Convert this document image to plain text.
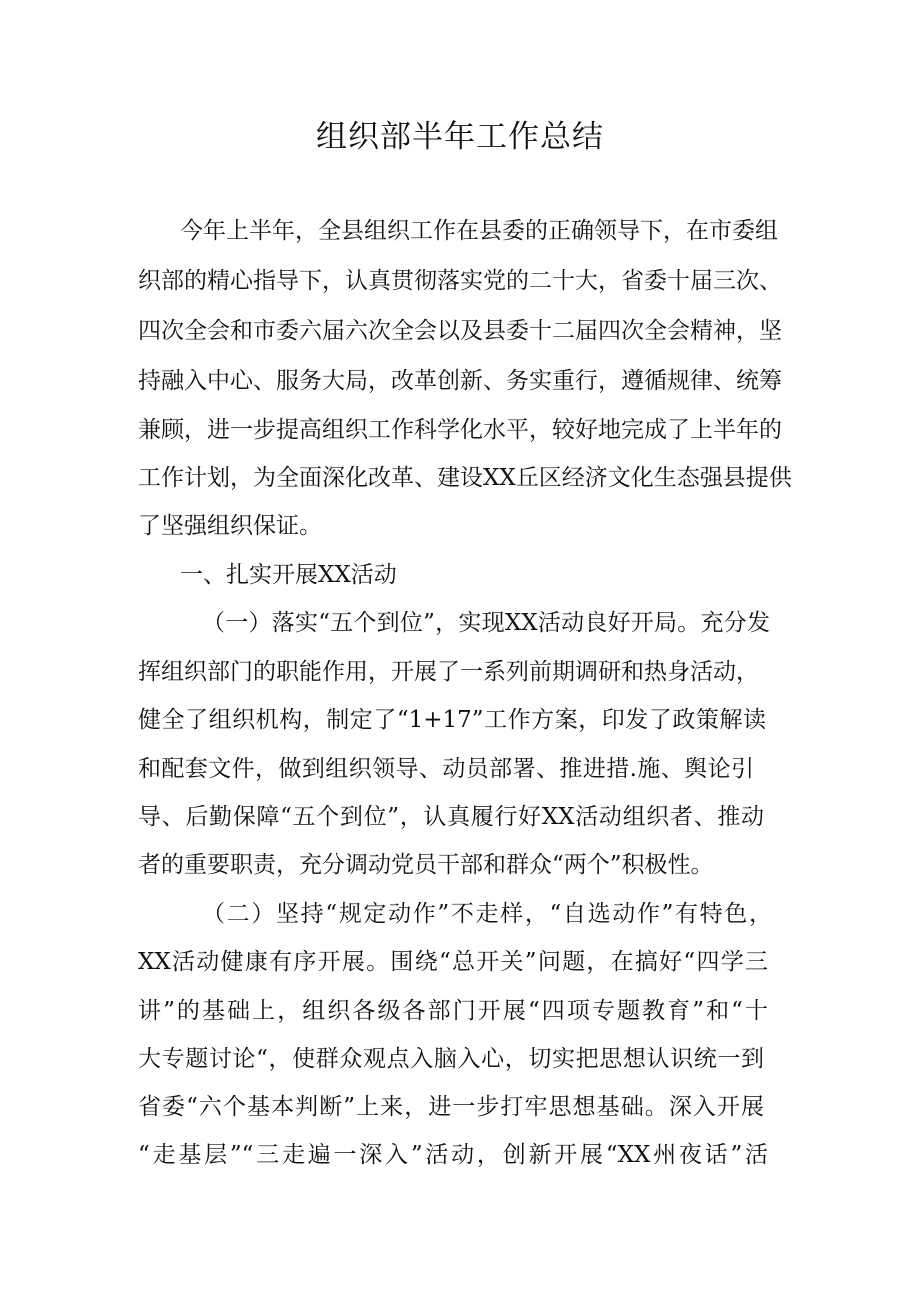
组织部半年工作总结
今年上半年，全县组织工作在县委的正确领导下，在市委组
织部的精心指导下，认真贯彻落实党的二十大，省委十届三次、
四次全会和市委六届六次全会以及县委十二届四次全会精神，坚
持融入中心、服务大局，改革创新、务实重行，遵循规律、统筹
兼顾，进一步提高组织工作科学化水平，较好地完成了上半年的
工作计划，为全面深化改革、建设XX丘区经济文化生态强县提供
了坚强组织保证。
一、扎实开展XX活动
（一）落实“五个到位”，实现XX活动良好开局。充分发
挥组织部门的职能作用，开展了一系列前期调研和热身活动，
健全了组织机构，制定了“1+17”工作方案，印发了政策解读
和配套文件，做到组织领导、动员部署、推进措.施、舆论引
导、后勤保障“五个到位”，认真履行好XX活动组织者、推动
者的重要职责，充分调动党员干部和群众“两个”积极性。
（二）坚持“规定动作”不走样，“自选动作”有特色，
XX活动健康有序开展。围绕“总开关”问题，在搞好“四学三
讲”的基础上，组织各级各部门开展“四项专题教育”和“十
大专题讨论“，使群众观点入脑入心，切实把思想认识统一到
省委“六个基本判断”上来，进一步打牢思想基础。深入开展
“走基层”“三走遍一深入”活动，创新开展“XX州夜话”活
